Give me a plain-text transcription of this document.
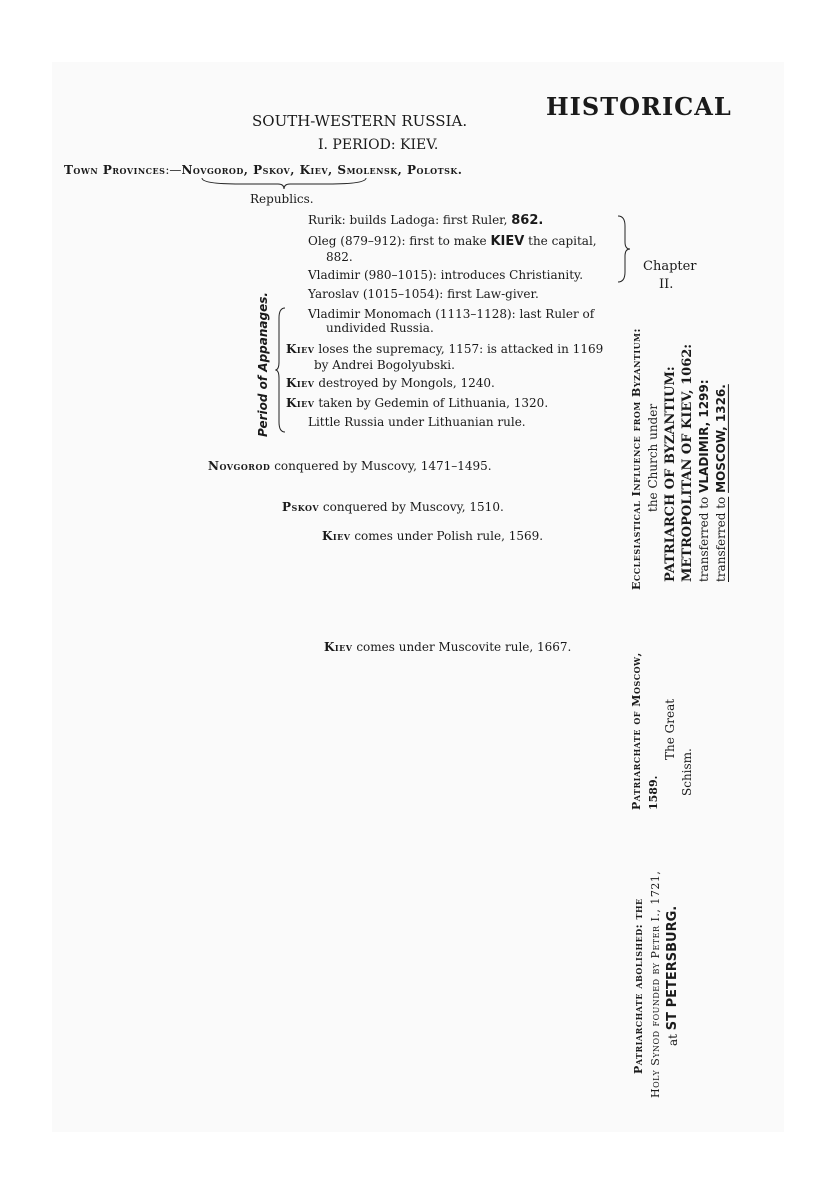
HISTORICAL
SOUTH-WESTERN RUSSIA.
I. PERIOD: KIEV.
Town Provinces:—Novgorod, Pskov, Kiev, Smolensk, Polotsk.
Republics.
Rurik: builds Ladoga: first Ruler, 862.
Oleg (879–912): first to make KIEV the capital,
882.
Vladimir (980–1015): introduces Christianity.
Yaroslav (1015–1054): first Law-giver.
Vladimir Monomach (1113–1128): last Ruler of
undivided Russia.
Chapter
II.
Period of Appanages. Kiev loses the supremacy, 1157: is attacked in 1169
by Andrei Bogolyubski.
Kiev destroyed by Mongols, 1240.
Kiev taken by Gedemin of Lithuania, 1320.
Little Russia under Lithuanian rule.
Novgorod conquered by Muscovy, 1471–1495.
Pskov conquered by Muscovy, 1510.
Kiev comes under Polish rule, 1569.
Kiev comes under Muscovite rule, 1667.
Ecclesiastical Influence from Byzantium: the Church under PATRIARCH OF BYZANTIUM: METROPOLITAN OF KIEV, 1062: transferred to VLADIMIR, 1299:
transferred to MOSCOW, 1326.
Patriarchate of Moscow, 1589.
The Great
Schism.
Patriarchate abolished: the Holy Synod founded by Peter I., 1721, at ST PETERSBURG.
